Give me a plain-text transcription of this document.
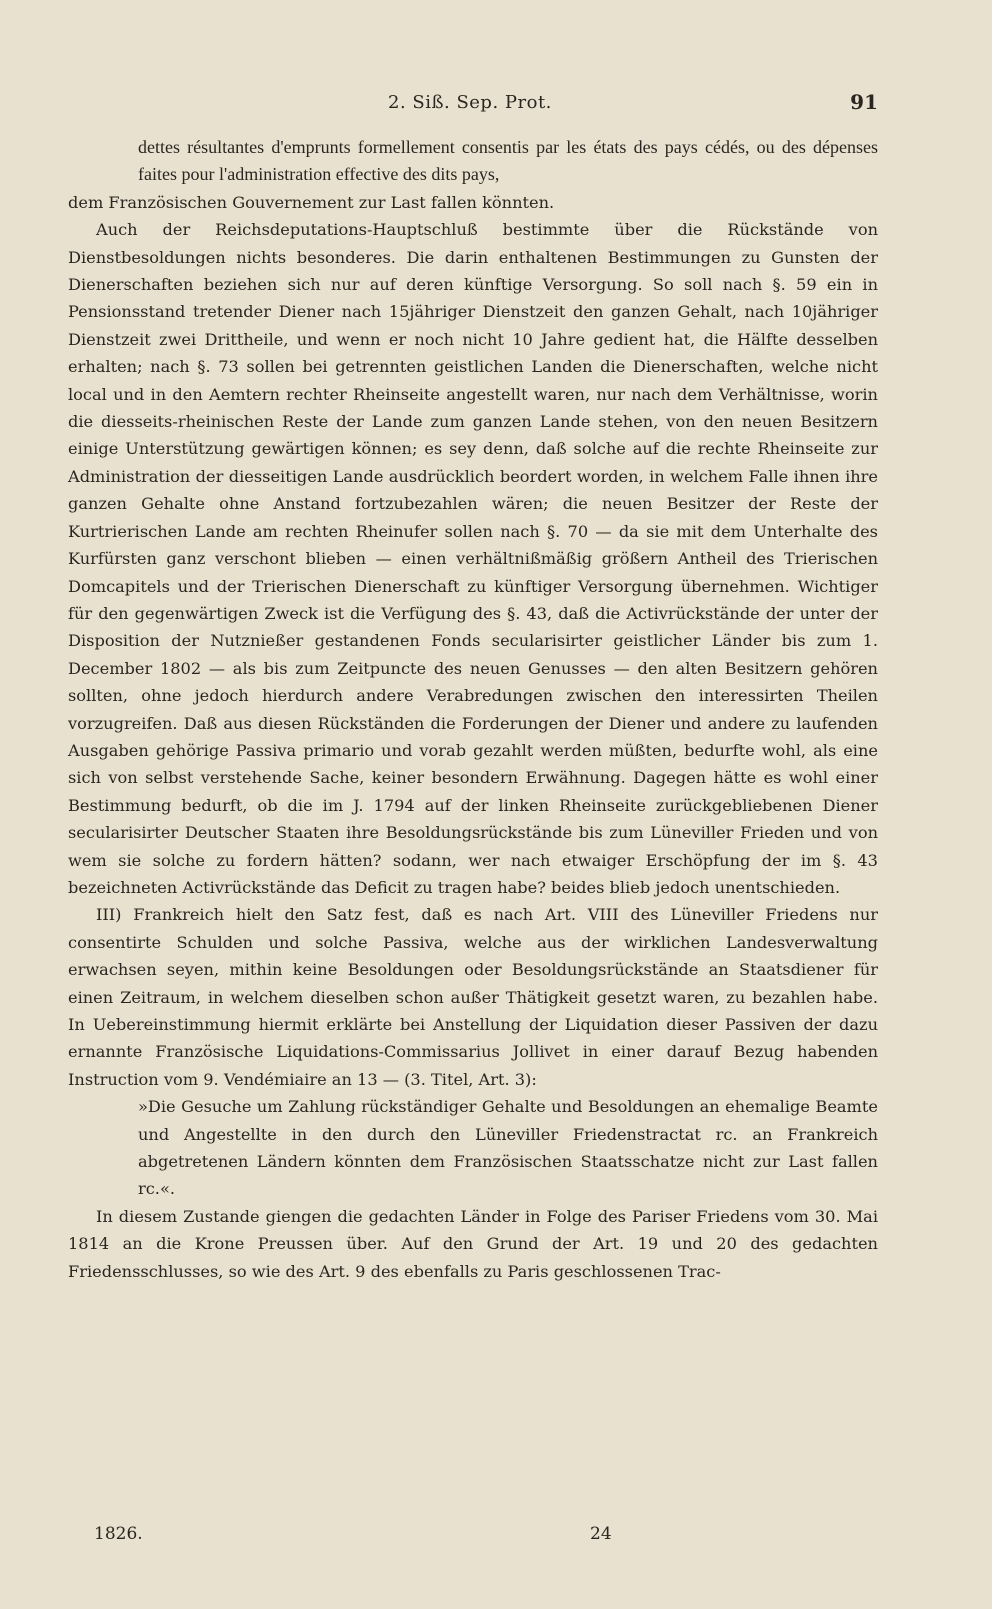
2. Siß. Sep. Prot.	91

dettes résultantes d'emprunts formellement consentis par les états des pays cédés, ou des dépenses faites pour l'administration effective des dits pays,

dem Französischen Gouvernement zur Last fallen könnten.

Auch der Reichsdeputations-Hauptschluß bestimmte über die Rückstände von Dienstbesoldungen nichts besonderes. Die darin enthaltenen Bestimmungen zu Gunsten der Dienerschaften beziehen sich nur auf deren künftige Versorgung. So soll nach §. 59 ein in Pensionsstand tretender Diener nach 15jähriger Dienstzeit den ganzen Gehalt, nach 10jähriger Dienstzeit zwei Drittheile, und wenn er noch nicht 10 Jahre gedient hat, die Hälfte desselben erhalten; nach §. 73 sollen bei getrennten geistlichen Landen die Dienerschaften, welche nicht local und in den Aemtern rechter Rheinseite angestellt waren, nur nach dem Verhältnisse, worin die diesseits-rheinischen Reste der Lande zum ganzen Lande stehen, von den neuen Besitzern einige Unterstützung gewärtigen können; es sey denn, daß solche auf die rechte Rheinseite zur Administration der diesseitigen Lande ausdrücklich beordert worden, in welchem Falle ihnen ihre ganzen Gehalte ohne Anstand fortzubezahlen wären; die neuen Besitzer der Reste der Kurtrierischen Lande am rechten Rheinufer sollen nach §. 70 — da sie mit dem Unterhalte des Kurfürsten ganz verschont blieben — einen verhältnißmäßig größern Antheil des Trierischen Domcapitels und der Trierischen Dienerschaft zu künftiger Versorgung übernehmen. Wichtiger für den gegenwärtigen Zweck ist die Verfügung des §. 43, daß die Activrückstände der unter der Disposition der Nutznießer gestandenen Fonds secularisirter geistlicher Länder bis zum 1. December 1802 — als bis zum Zeitpuncte des neuen Genusses — den alten Besitzern gehören sollten, ohne jedoch hierdurch andere Verabredungen zwischen den interessirten Theilen vorzugreifen. Daß aus diesen Rückständen die Forderungen der Diener und andere zu laufenden Ausgaben gehörige Passiva primario und vorab gezahlt werden müßten, bedurfte wohl, als eine sich von selbst verstehende Sache, keiner besondern Erwähnung. Dagegen hätte es wohl einer Bestimmung bedurft, ob die im J. 1794 auf der linken Rheinseite zurückgebliebenen Diener secularisirter Deutscher Staaten ihre Besoldungsrückstände bis zum Lüneviller Frieden und von wem sie solche zu fordern hätten? sodann, wer nach etwaiger Erschöpfung der im §. 43 bezeichneten Activrückstände das Deficit zu tragen habe? beides blieb jedoch unentschieden.

III) Frankreich hielt den Satz fest, daß es nach Art. VIII des Lüneviller Friedens nur consentirte Schulden und solche Passiva, welche aus der wirklichen Landesverwaltung erwachsen seyen, mithin keine Besoldungen oder Besoldungsrückstände an Staatsdiener für einen Zeitraum, in welchem dieselben schon außer Thätigkeit gesetzt waren, zu bezahlen habe. In Uebereinstimmung hiermit erklärte bei Anstellung der Liquidation dieser Passiven der dazu ernannte Französische Liquidations-Commissarius Jollivet in einer darauf Bezug habenden Instruction vom 9. Vendémiaire an 13 — (3. Titel, Art. 3):

»Die Gesuche um Zahlung rückständiger Gehalte und Besoldungen an ehemalige Beamte und Angestellte in den durch den Lüneviller Friedenstractat rc. an Frankreich abgetretenen Ländern könnten dem Französischen Staatsschatze nicht zur Last fallen rc.«.

In diesem Zustande giengen die gedachten Länder in Folge des Pariser Friedens vom 30. Mai 1814 an die Krone Preussen über. Auf den Grund der Art. 19 und 20 des gedachten Friedensschlusses, so wie des Art. 9 des ebenfalls zu Paris geschlossenen Trac-

1826.	24
